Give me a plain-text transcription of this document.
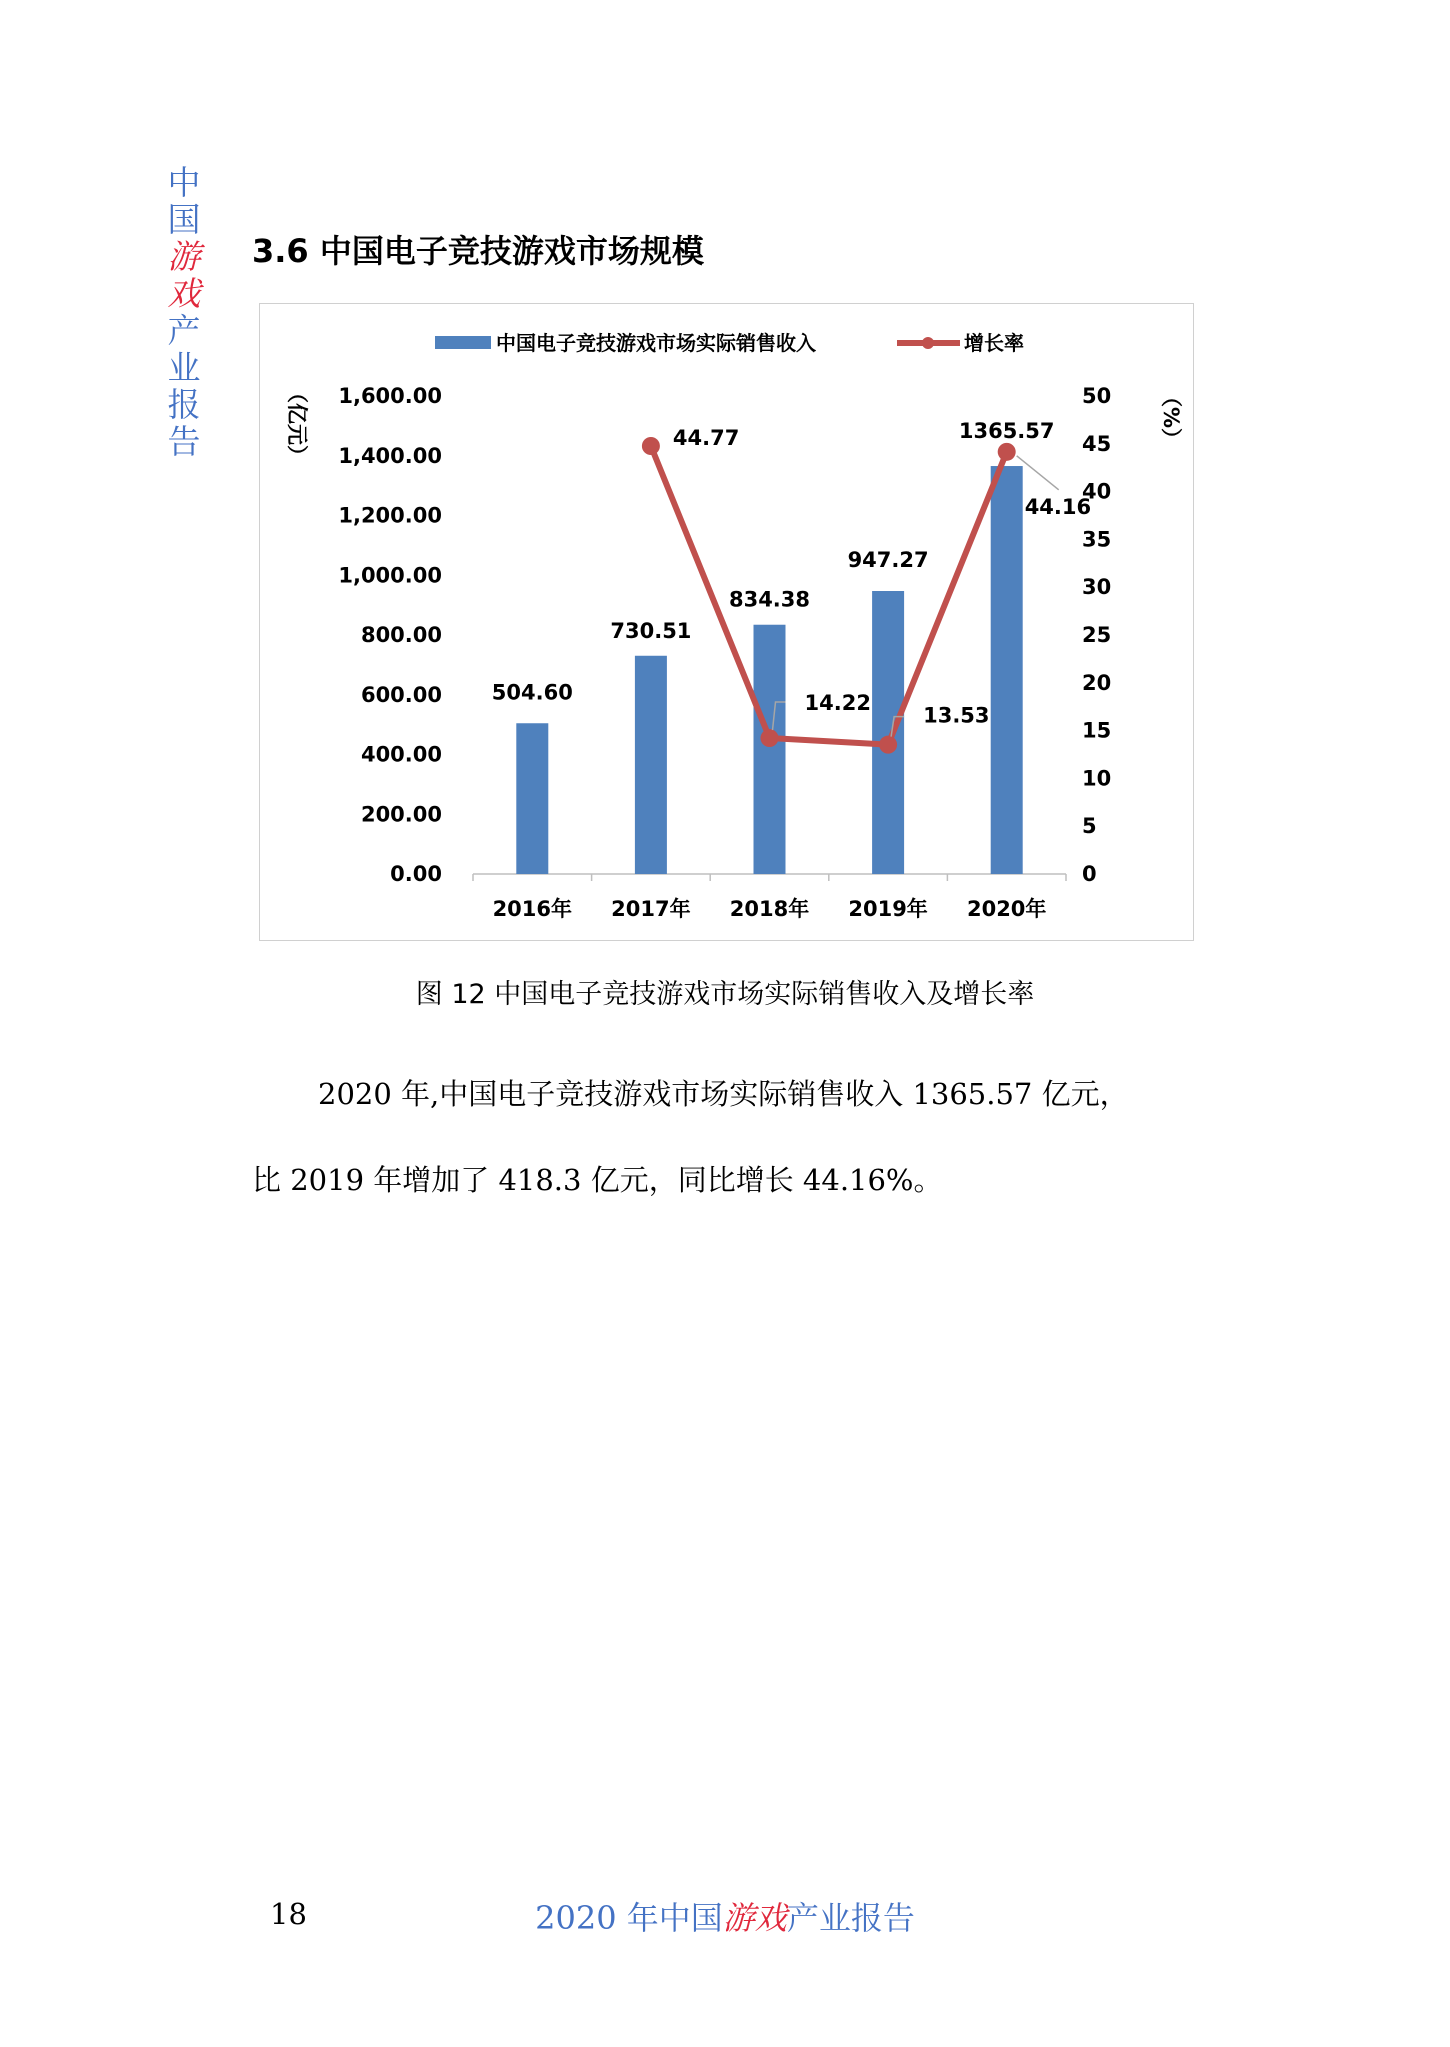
中
国
游
戏
产
业
报
告
3.6 中国电子竞技游戏市场规模
0.00
200.00
400.00
600.00
800.00
1,000.00
1,200.00
1,400.00
1,600.00
0
5
10
15
20
25
30
35
40
45
50
（亿元）	（%）
504.60
730.51
834.38
947.27
1365.57
2016年 2017年 2018年 2019年 2020年
44.77
14.22
13.53
44.16
中国电子竞技游戏市场实际销售收入	增长率
图 12 中国电子竞技游戏市场实际销售收入及增长率
2020 年,中国电子竞技游戏市场实际销售收入 1365.57 亿元，
比 2019 年增加了 418.3 亿元，同比增长 44.16%。
18	2020 年中国游戏产业报告
